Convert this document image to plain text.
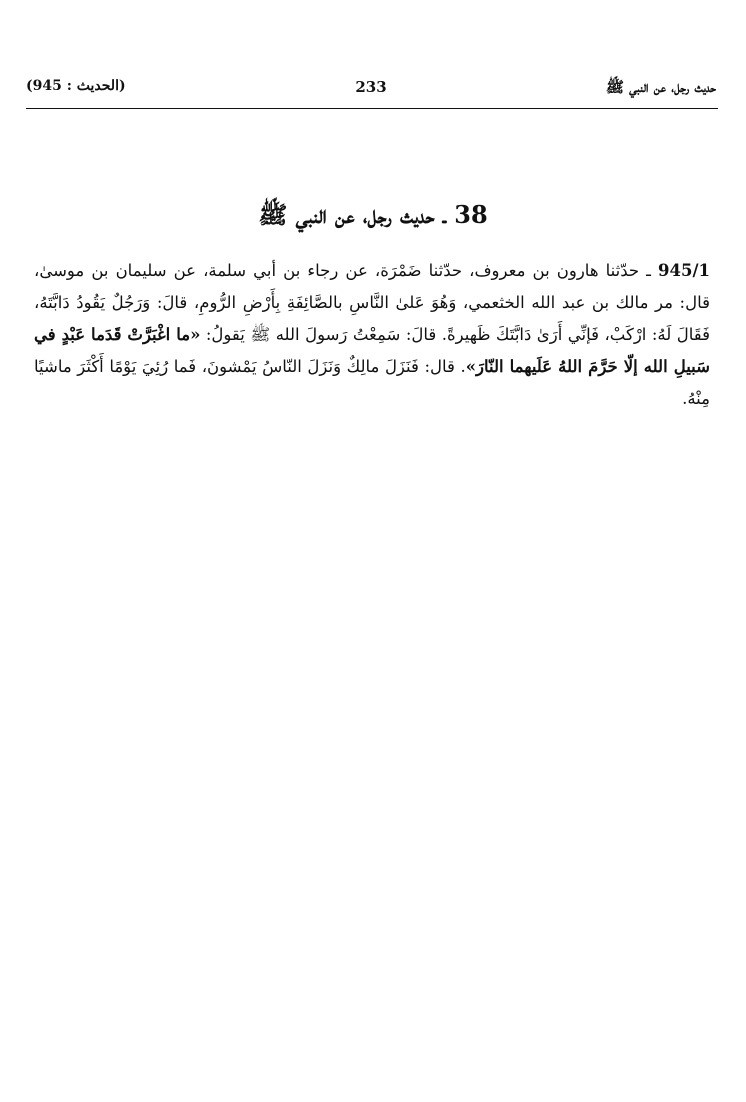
حديث رجل، عن النبي ﷺ
233
(الحديث : 945)
38 ـ حديث رجل، عن النبي ﷺ
945/1 ـ حدّثنا هارون بن معروف، حدّثنا ضَمْرَة، عن رجاء بن أبي سلمة، عن سليمان بن موسىٰ، قال: مر مالك بن عبد الله الخثعمي، وَهُوَ عَلىٰ النَّاسِ بالصَّائِفَةِ بِأَرْضِ الرُّومِ، قالَ: وَرَجُلٌ يَقُودُ دَابَّتَهُ، فَقَالَ لَهُ: ارْكَبْ، فَإنِّي أَرَىٰ دَابَّتَكَ ظَهيرةً. قالَ: سَمِعْتُ رَسولَ الله ﷺ يَقولُ: «ما اغْبَرَّتْ قَدَما عَبْدٍ في سَبيلِ الله إلّا حَرَّمَ اللهُ عَلَيهما النّارَ». قال: فَنَزَلَ مالِكٌ وَنَزَلَ النّاسُ يَمْشونَ، فَما رُئِيَ يَوْمًا أَكْثَرَ ماشيًا مِنْهُ.
